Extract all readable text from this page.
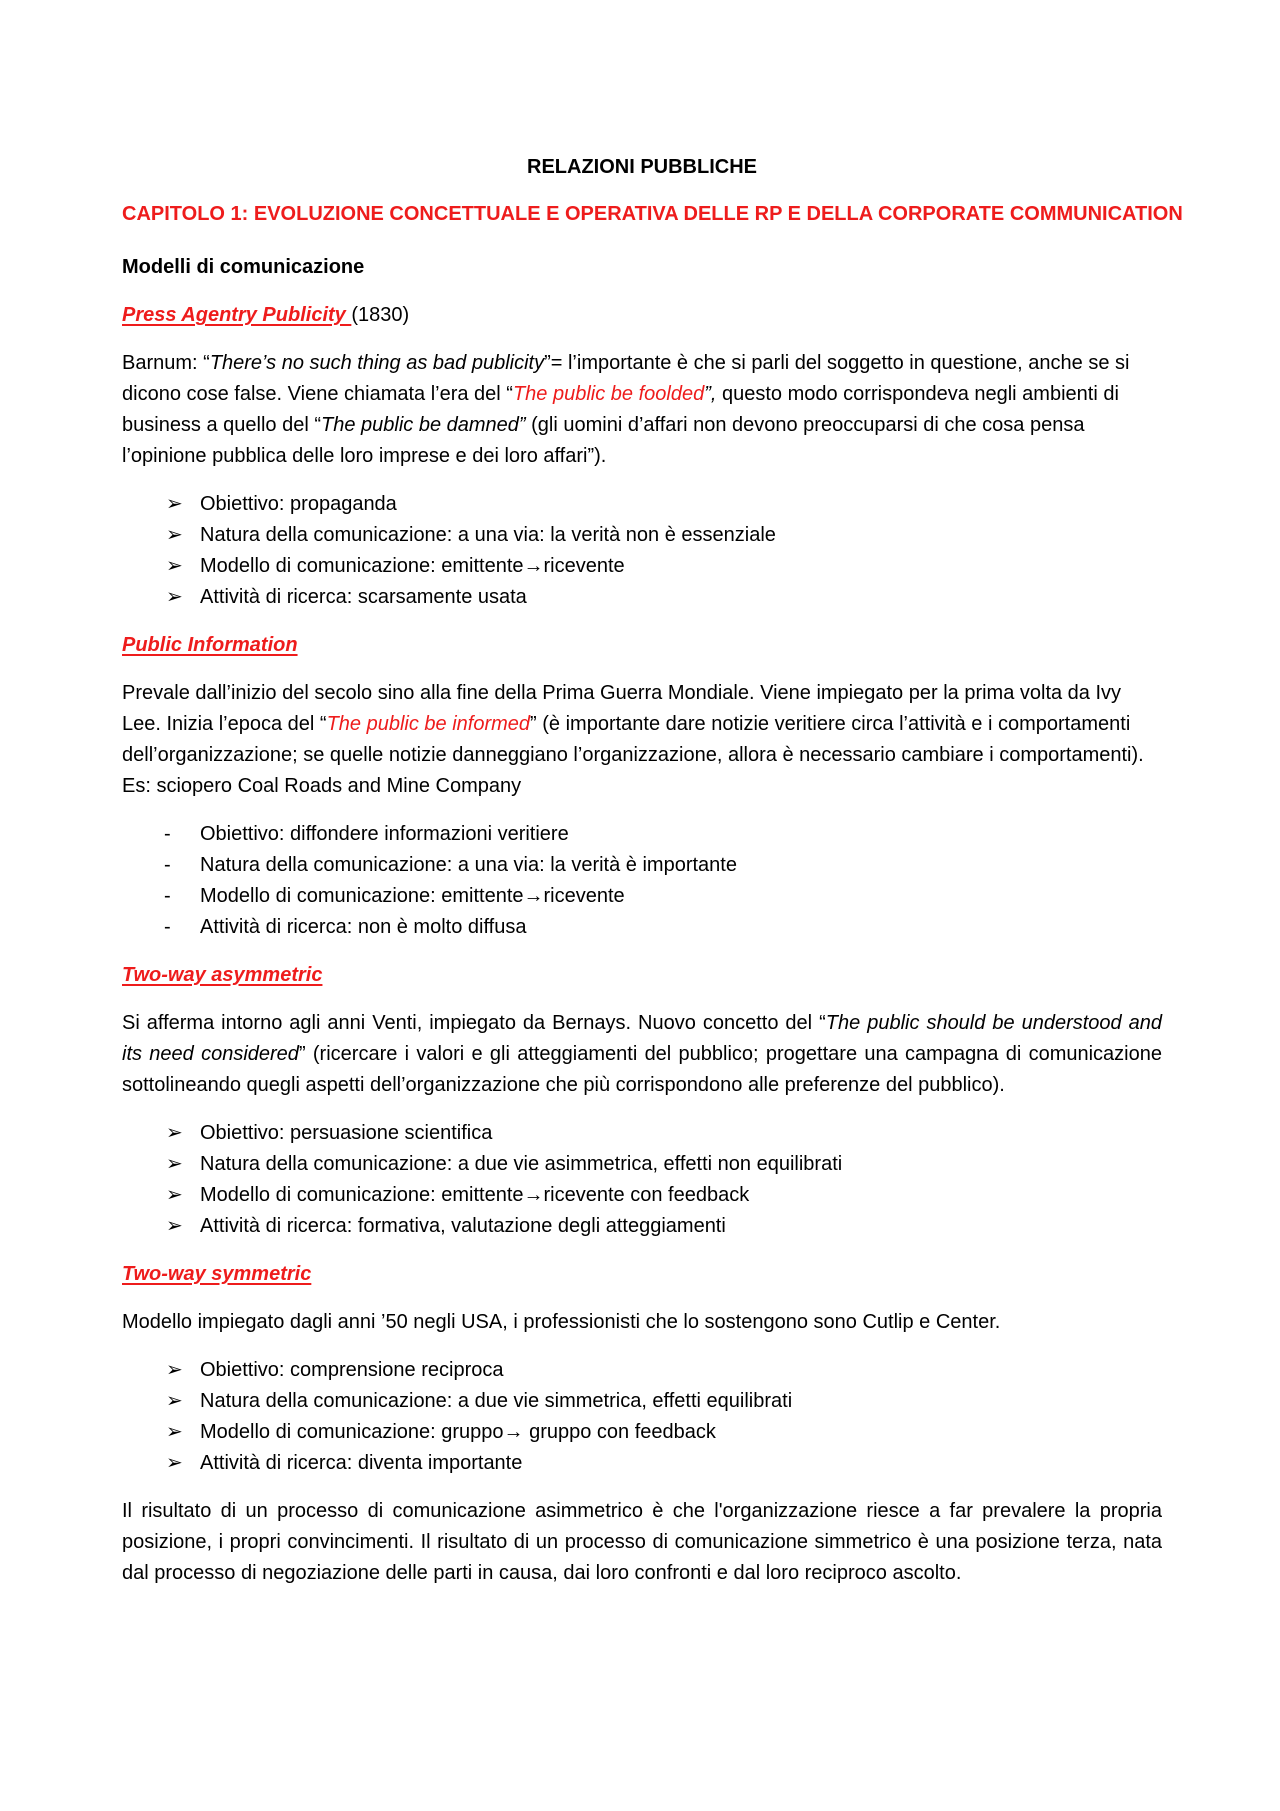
RELAZIONI PUBBLICHE
CAPITOLO 1: EVOLUZIONE CONCETTUALE E OPERATIVA DELLE RP E DELLA CORPORATE COMMUNICATION
Modelli di comunicazione
Press Agentry Publicity (1830)

Barnum: “There’s no such thing as bad publicity”= l’importante è che si parli del soggetto in questione, anche se si dicono cose false. Viene chiamata l’era del “The public be foolded”, questo modo corrispondeva negli ambienti di business a quello del “The public be damned” (gli uomini d’affari non devono preoccuparsi di che cosa pensa l’opinione pubblica delle loro imprese e dei loro affari”).

➢ Obiettivo: propaganda
➢ Natura della comunicazione: a una via: la verità non è essenziale
➢ Modello di comunicazione: emittente→ricevente
➢ Attività di ricerca: scarsamente usata
Public Information

Prevale dall’inizio del secolo sino alla fine della Prima Guerra Mondiale. Viene impiegato per la prima volta da Ivy Lee. Inizia l’epoca del “The public be informed” (è importante dare notizie veritiere circa l’attività e i comportamenti dell’organizzazione; se quelle notizie danneggiano l’organizzazione, allora è necessario cambiare i comportamenti). Es: sciopero Coal Roads and Mine Company

-	Obiettivo: diffondere informazioni veritiere
-	Natura della comunicazione: a una via: la verità è importante
-	Modello di comunicazione: emittente→ricevente
-	Attività di ricerca: non è molto diffusa
Two-way asymmetric

Si afferma intorno agli anni Venti, impiegato da Bernays. Nuovo concetto del “The public should be understood and its need considered” (ricercare i valori e gli atteggiamenti del pubblico; progettare una campagna di comunicazione sottolineando quegli aspetti dell’organizzazione che più corrispondono alle preferenze del pubblico).

➢ Obiettivo: persuasione scientifica
➢ Natura della comunicazione: a due vie asimmetrica, effetti non equilibrati
➢ Modello di comunicazione: emittente→ricevente con feedback
➢ Attività di ricerca: formativa, valutazione degli atteggiamenti
Two-way symmetric

Modello impiegato dagli anni ’50 negli USA, i professionisti che lo sostengono sono Cutlip e Center.

➢ Obiettivo: comprensione reciproca
➢ Natura della comunicazione: a due vie simmetrica, effetti equilibrati
➢ Modello di comunicazione: gruppo→ gruppo con feedback
➢ Attività di ricerca: diventa importante

Il risultato di un processo di comunicazione asimmetrico è che l'organizzazione riesce a far prevalere la propria posizione, i propri convincimenti. Il risultato di un processo di comunicazione simmetrico è una posizione terza, nata dal processo di negoziazione delle parti in causa, dai loro confronti e dal loro reciproco ascolto.
